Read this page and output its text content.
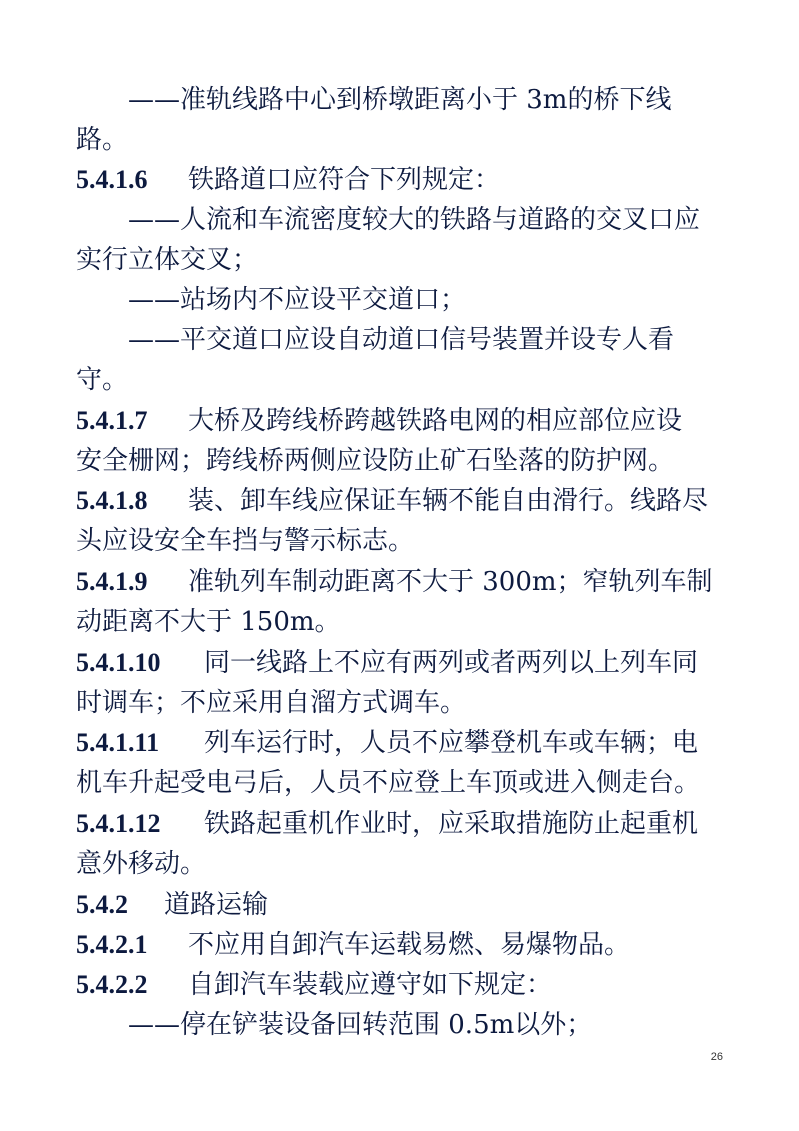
——准轨线路中心到桥墩距离小于 3m的桥下线
路。
5.4.1.6 铁路道口应符合下列规定：
——人流和车流密度较大的铁路与道路的交叉口应
实行立体交叉；
——站场内不应设平交道口；
——平交道口应设自动道口信号装置并设专人看
守。
5.4.1.7 大桥及跨线桥跨越铁路电网的相应部位应设
安全栅网；跨线桥两侧应设防止矿石坠落的防护网。
5.4.1.8 装、卸车线应保证车辆不能自由滑行。线路尽
头应设安全车挡与警示标志。
5.4.1.9 准轨列车制动距离不大于 300m；窄轨列车制
动距离不大于 150m。
5.4.1.10 同一线路上不应有两列或者两列以上列车同
时调车；不应采用自溜方式调车。
5.4.1.11 列车运行时，人员不应攀登机车或车辆；电
机车升起受电弓后，人员不应登上车顶或进入侧走台。
5.4.1.12 铁路起重机作业时，应采取措施防止起重机
意外移动。
5.4.2 道路运输
5.4.2.1 不应用自卸汽车运载易燃、易爆物品。
5.4.2.2 自卸汽车装载应遵守如下规定：
——停在铲装设备回转范围 0.5m以外；
26
